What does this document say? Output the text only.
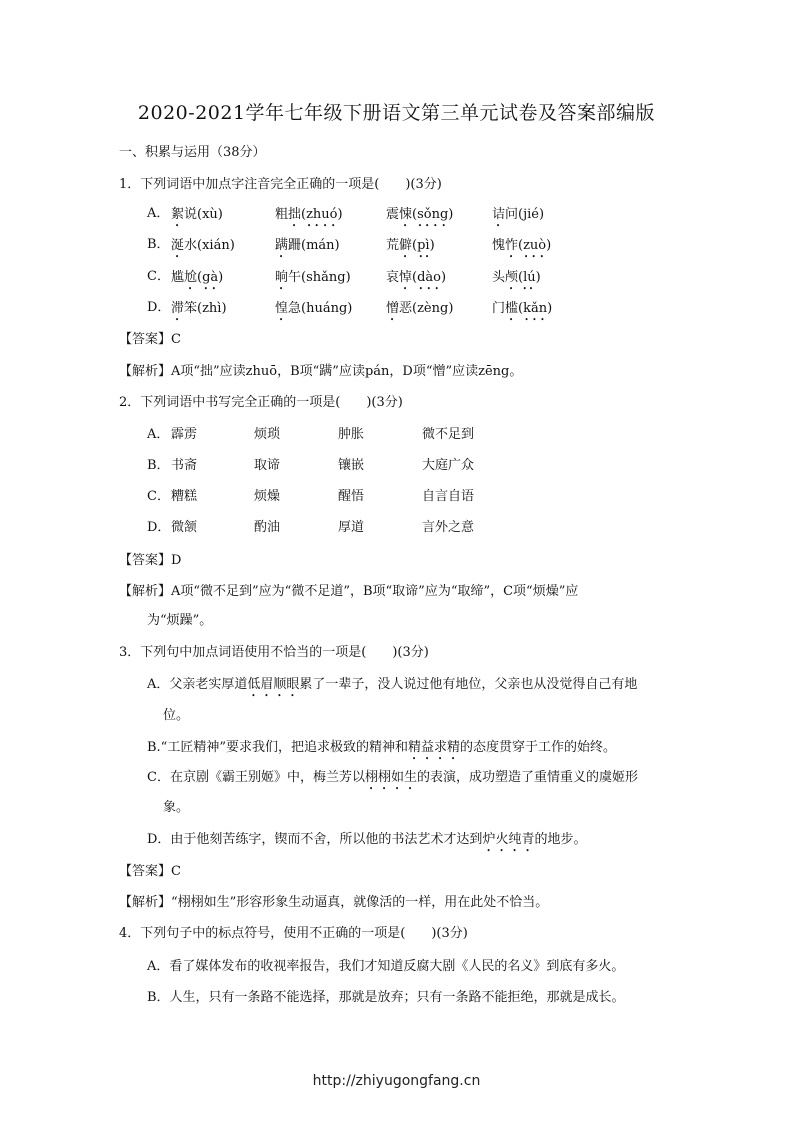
2020-2021学年七年级下册语文第三单元试卷及答案部编版
一、积累与运用（38分）
1．下列词语中加点字注音完全正确的一项是(　　)(3分)
A． 絮说(xù)	粗拙(zhuó)	震悚(sǒng)	诘问(jié)
B． 涎水(xián)	蹒跚(mán)	荒僻(pì)	愧怍(zuò)
C． 尴尬(gà)	晌午(shǎng)	哀悼(dào)	头颅(lú)
D． 滞笨(zhì)	惶急(huáng)	憎恶(zèng)	门槛(kǎn)
【答案】C
【解析】A项“拙”应读zhuō，B项“蹒”应读pán，D项“憎”应读zēng。
2．下列词语中书写完全正确的一项是(　　)(3分)
A． 霹雳	烦琐	肿胀	微不足到
B． 书斋	取谛	镶嵌	大庭广众
C． 糟糕	烦燥	醒悟	自言自语
D． 微颔	酌油	厚道	言外之意
【答案】D
【解析】A项“微不足到”应为“微不足道”，B项“取谛”应为“取缔”，C项“烦燥”应
为“烦躁”。
3．下列句中加点词语使用不恰当的一项是(　　)(3分)
A．父亲老实厚道低眉顺眼累了一辈子，没人说过他有地位，父亲也从没觉得自己有地
位。
B.“工匠精神”要求我们，把追求极致的精神和精益求精的态度贯穿于工作的始终。
C．在京剧《霸王别姬》中，梅兰芳以栩栩如生的表演，成功塑造了重情重义的虞姬形
象。
D．由于他刻苦练字，锲而不舍，所以他的书法艺术才达到炉火纯青的地步。
【答案】C
【解析】“栩栩如生”形容形象生动逼真，就像活的一样，用在此处不恰当。
4．下列句子中的标点符号，使用不正确的一项是(　　)(3分)
A．看了媒体发布的收视率报告，我们才知道反腐大剧《人民的名义》到底有多火。
B．人生，只有一条路不能选择，那就是放弃；只有一条路不能拒绝，那就是成长。
http://zhiyugongfang.cn
